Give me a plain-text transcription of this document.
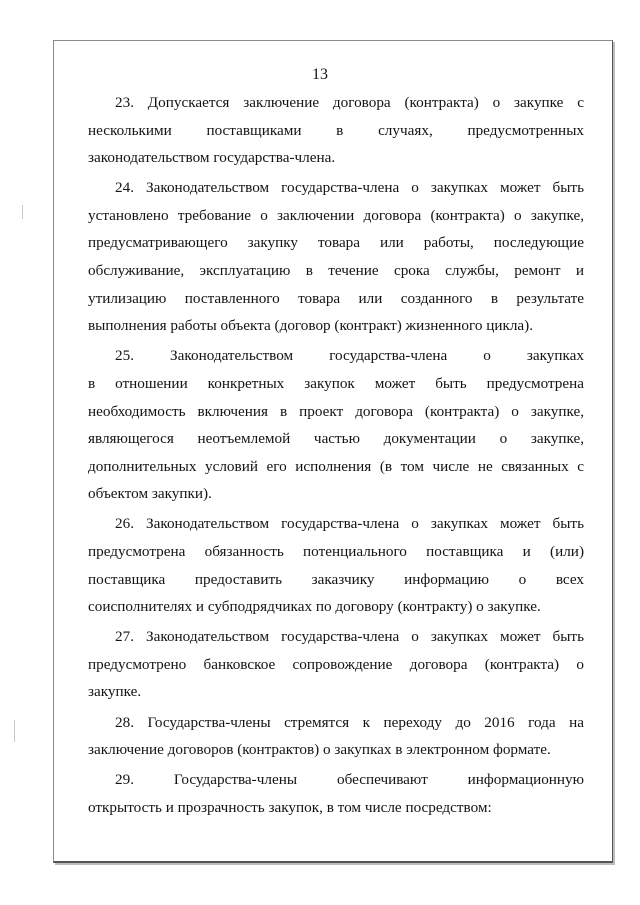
13
23. Допускается заключение договора (контракта) о закупке с
несколькими поставщиками в случаях, предусмотренных
законодательством государства-члена.
24. Законодательством государства-члена о закупках может быть
установлено требование о заключении договора (контракта) о закупке,
предусматривающего закупку товара или работы, последующие
обслуживание, эксплуатацию в течение срока службы, ремонт и
утилизацию поставленного товара или созданного в результате
выполнения работы объекта (договор (контракт) жизненного цикла).
25. Законодательством государства-члена о закупках
в отношении конкретных закупок может быть предусмотрена
необходимость включения в проект договора (контракта) о закупке,
являющегося неотъемлемой частью документации о закупке,
дополнительных условий его исполнения (в том числе не связанных с
объектом закупки).
26. Законодательством государства-члена о закупках может быть
предусмотрена обязанность потенциального поставщика и (или)
поставщика предоставить заказчику информацию о всех
соисполнителях и субподрядчиках по договору (контракту) о закупке.
27. Законодательством государства-члена о закупках может быть
предусмотрено банковское сопровождение договора (контракта) о
закупке.
28. Государства-члены стремятся к переходу до 2016 года на
заключение договоров (контрактов) о закупках в электронном формате.
29. Государства-члены обеспечивают информационную
открытость и прозрачность закупок, в том числе посредством:
